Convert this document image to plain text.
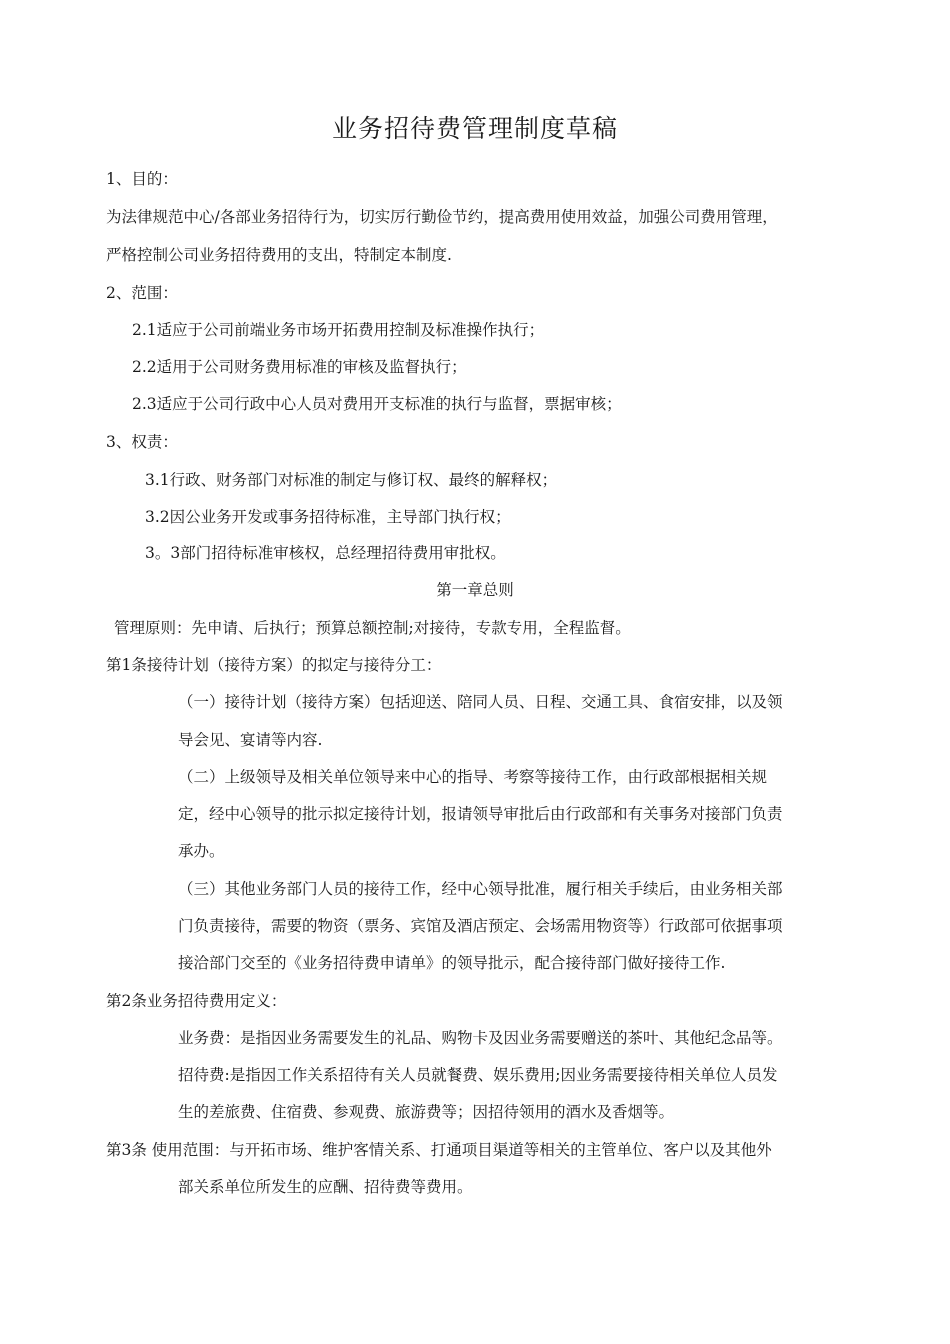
业务招待费管理制度草稿
1、目的：
为法律规范中心/各部业务招待行为，切实厉行勤俭节约，提高费用使用效益，加强公司费用管理，
严格控制公司业务招待费用的支出，特制定本制度.
2、范围：
2.1适应于公司前端业务市场开拓费用控制及标准操作执行；
2.2适用于公司财务费用标准的审核及监督执行；
2.3适应于公司行政中心人员对费用开支标准的执行与监督，票据审核；
3、权责：
3.1行政、财务部门对标准的制定与修订权、最终的解释权；
3.2因公业务开发或事务招待标准，主导部门执行权；
3。3部门招待标准审核权，总经理招待费用审批权。
第一章总则
管理原则：先申请、后执行；预算总额控制;对接待，专款专用，全程监督。
第1条接待计划（接待方案）的拟定与接待分工：
（一）接待计划（接待方案）包括迎送、陪同人员、日程、交通工具、食宿安排，以及领
导会见、宴请等内容.
（二）上级领导及相关单位领导来中心的指导、考察等接待工作，由行政部根据相关规
定，经中心领导的批示拟定接待计划，报请领导审批后由行政部和有关事务对接部门负责
承办。
（三）其他业务部门人员的接待工作，经中心领导批准，履行相关手续后，由业务相关部
门负责接待，需要的物资（票务、宾馆及酒店预定、会场需用物资等）行政部可依据事项
接洽部门交至的《业务招待费申请单》的领导批示，配合接待部门做好接待工作.
第2条业务招待费用定义：
业务费：是指因业务需要发生的礼品、购物卡及因业务需要赠送的茶叶、其他纪念品等。
招待费:是指因工作关系招待有关人员就餐费、娱乐费用;因业务需要接待相关单位人员发
生的差旅费、住宿费、参观费、旅游费等；因招待领用的酒水及香烟等。
第3条 使用范围：与开拓市场、维护客情关系、打通项目渠道等相关的主管单位、客户以及其他外
部关系单位所发生的应酬、招待费等费用。
